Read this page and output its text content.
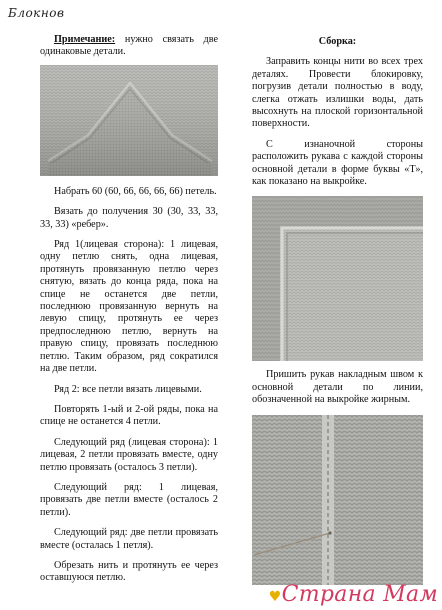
Блокнов

Примечание: нужно связать две одинаковые детали.

Набрать 60 (60, 66, 66, 66, 66) петель.

Вязать до получения 30 (30, 33, 33, 33, 33) «ребер».

Ряд 1(лицевая сторона): 1 лицевая, одну петлю снять, одна лицевая, протянуть провязанную петлю через снятую, вязать до конца ряда, пока на спице не останется две петли, последнюю провязанную вернуть на левую спицу, протянуть ее через предпоследнюю петлю, вернуть на правую спицу, провязать последнюю петлю. Таким образом, ряд сократился на две петли.

Ряд 2: все петли вязать лицевыми.

Повторять 1-ый и 2-ой ряды, пока на спице не останется 4 петли.

Следующий ряд (лицевая сторона): 1 лицевая, 2 петли провязать вместе, одну петлю провязать (осталось 3 петли).

Следующий ряд: 1 лицевая, провязать две петли вместе (осталось 2 петли).

Следующий ряд: две петли провязать вместе (осталась 1 петля).

Обрезать нить и протянуть ее через оставшуюся петлю.

Сборка:

Заправить концы нити во всех трех деталях. Провести блокировку, погрузив детали полностью в воду, слегка отжать излишки воды, дать высохнуть на плоской горизонтальной поверхности.

С изнаночной стороны расположить рукава с каждой стороны основной детали в форме буквы «Т», как показано на выкройке.

Пришить рукав накладным швом к основной детали по линии, обозначенной на выкройке жирным.

♥Страна Мам
